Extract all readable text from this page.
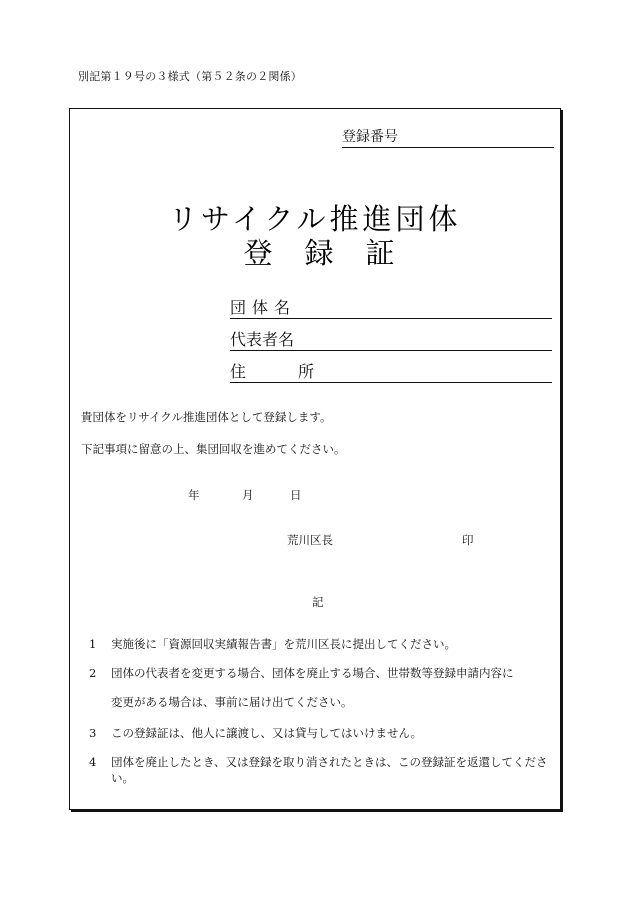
別記第１９号の３様式（第５２条の２関係）
登録番号
リサイクル推進団体
登録証
団体名
代表者名
住所
貴団体をリサイクル推進団体として登録します。
下記事項に留意の上、集団回収を進めてください。
年	月	日
荒川区長	印
記
1 実施後に「資源回収実績報告書」を荒川区長に提出してください。
2 団体の代表者を変更する場合、団体を廃止する場合、世帯数等登録申請内容に
変更がある場合は、事前に届け出てください。
3 この登録証は、他人に譲渡し、又は貸与してはいけません。
4 団体を廃止したとき、又は登録を取り消されたときは、この登録証を返還してください。
